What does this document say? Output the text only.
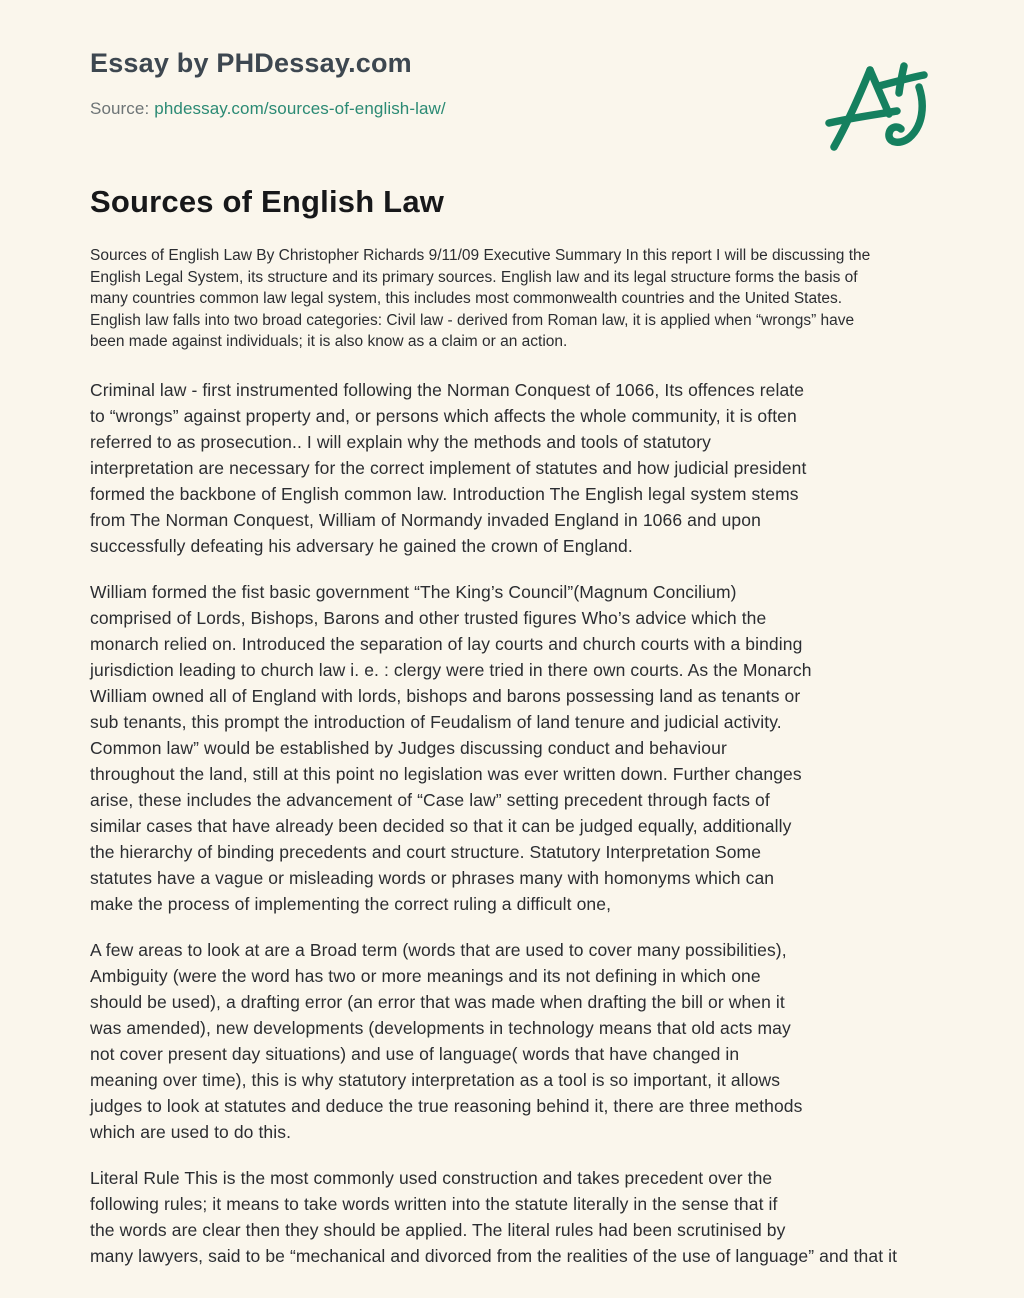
Essay by PHDessay.com
Source: phdessay.com/sources-of-english-law/
Sources of English Law
Sources of English Law By Christopher Richards 9/11/09 Executive Summary In this report I will be discussing the
English Legal System, its structure and its primary sources. English law and its legal structure forms the basis of
many countries common law legal system, this includes most commonwealth countries and the United States.
English law falls into two broad categories: Civil law - derived from Roman law, it is applied when “wrongs” have
been made against individuals; it is also know as a claim or an action.
Criminal law - first instrumented following the Norman Conquest of 1066, Its offences relate
to “wrongs” against property and, or persons which affects the whole community, it is often
referred to as prosecution.. I will explain why the methods and tools of statutory
interpretation are necessary for the correct implement of statutes and how judicial president
formed the backbone of English common law. Introduction The English legal system stems
from The Norman Conquest, William of Normandy invaded England in 1066 and upon
successfully defeating his adversary he gained the crown of England.
William formed the fist basic government “The King’s Council”(Magnum Concilium)
comprised of Lords, Bishops, Barons and other trusted figures Who’s advice which the
monarch relied on. Introduced the separation of lay courts and church courts with a binding
jurisdiction leading to church law i. e. : clergy were tried in there own courts. As the Monarch
William owned all of England with lords, bishops and barons possessing land as tenants or
sub tenants, this prompt the introduction of Feudalism of land tenure and judicial activity.
Common law” would be established by Judges discussing conduct and behaviour
throughout the land, still at this point no legislation was ever written down. Further changes
arise, these includes the advancement of “Case law” setting precedent through facts of
similar cases that have already been decided so that it can be judged equally, additionally
the hierarchy of binding precedents and court structure. Statutory Interpretation Some
statutes have a vague or misleading words or phrases many with homonyms which can
make the process of implementing the correct ruling a difficult one,
A few areas to look at are a Broad term (words that are used to cover many possibilities),
Ambiguity (were the word has two or more meanings and its not defining in which one
should be used), a drafting error (an error that was made when drafting the bill or when it
was amended), new developments (developments in technology means that old acts may
not cover present day situations) and use of language( words that have changed in
meaning over time), this is why statutory interpretation as a tool is so important, it allows
judges to look at statutes and deduce the true reasoning behind it, there are three methods
which are used to do this.
Literal Rule This is the most commonly used construction and takes precedent over the
following rules; it means to take words written into the statute literally in the sense that if
the words are clear then they should be applied. The literal rules had been scrutinised by
many lawyers, said to be “mechanical and divorced from the realities of the use of language” and that it
